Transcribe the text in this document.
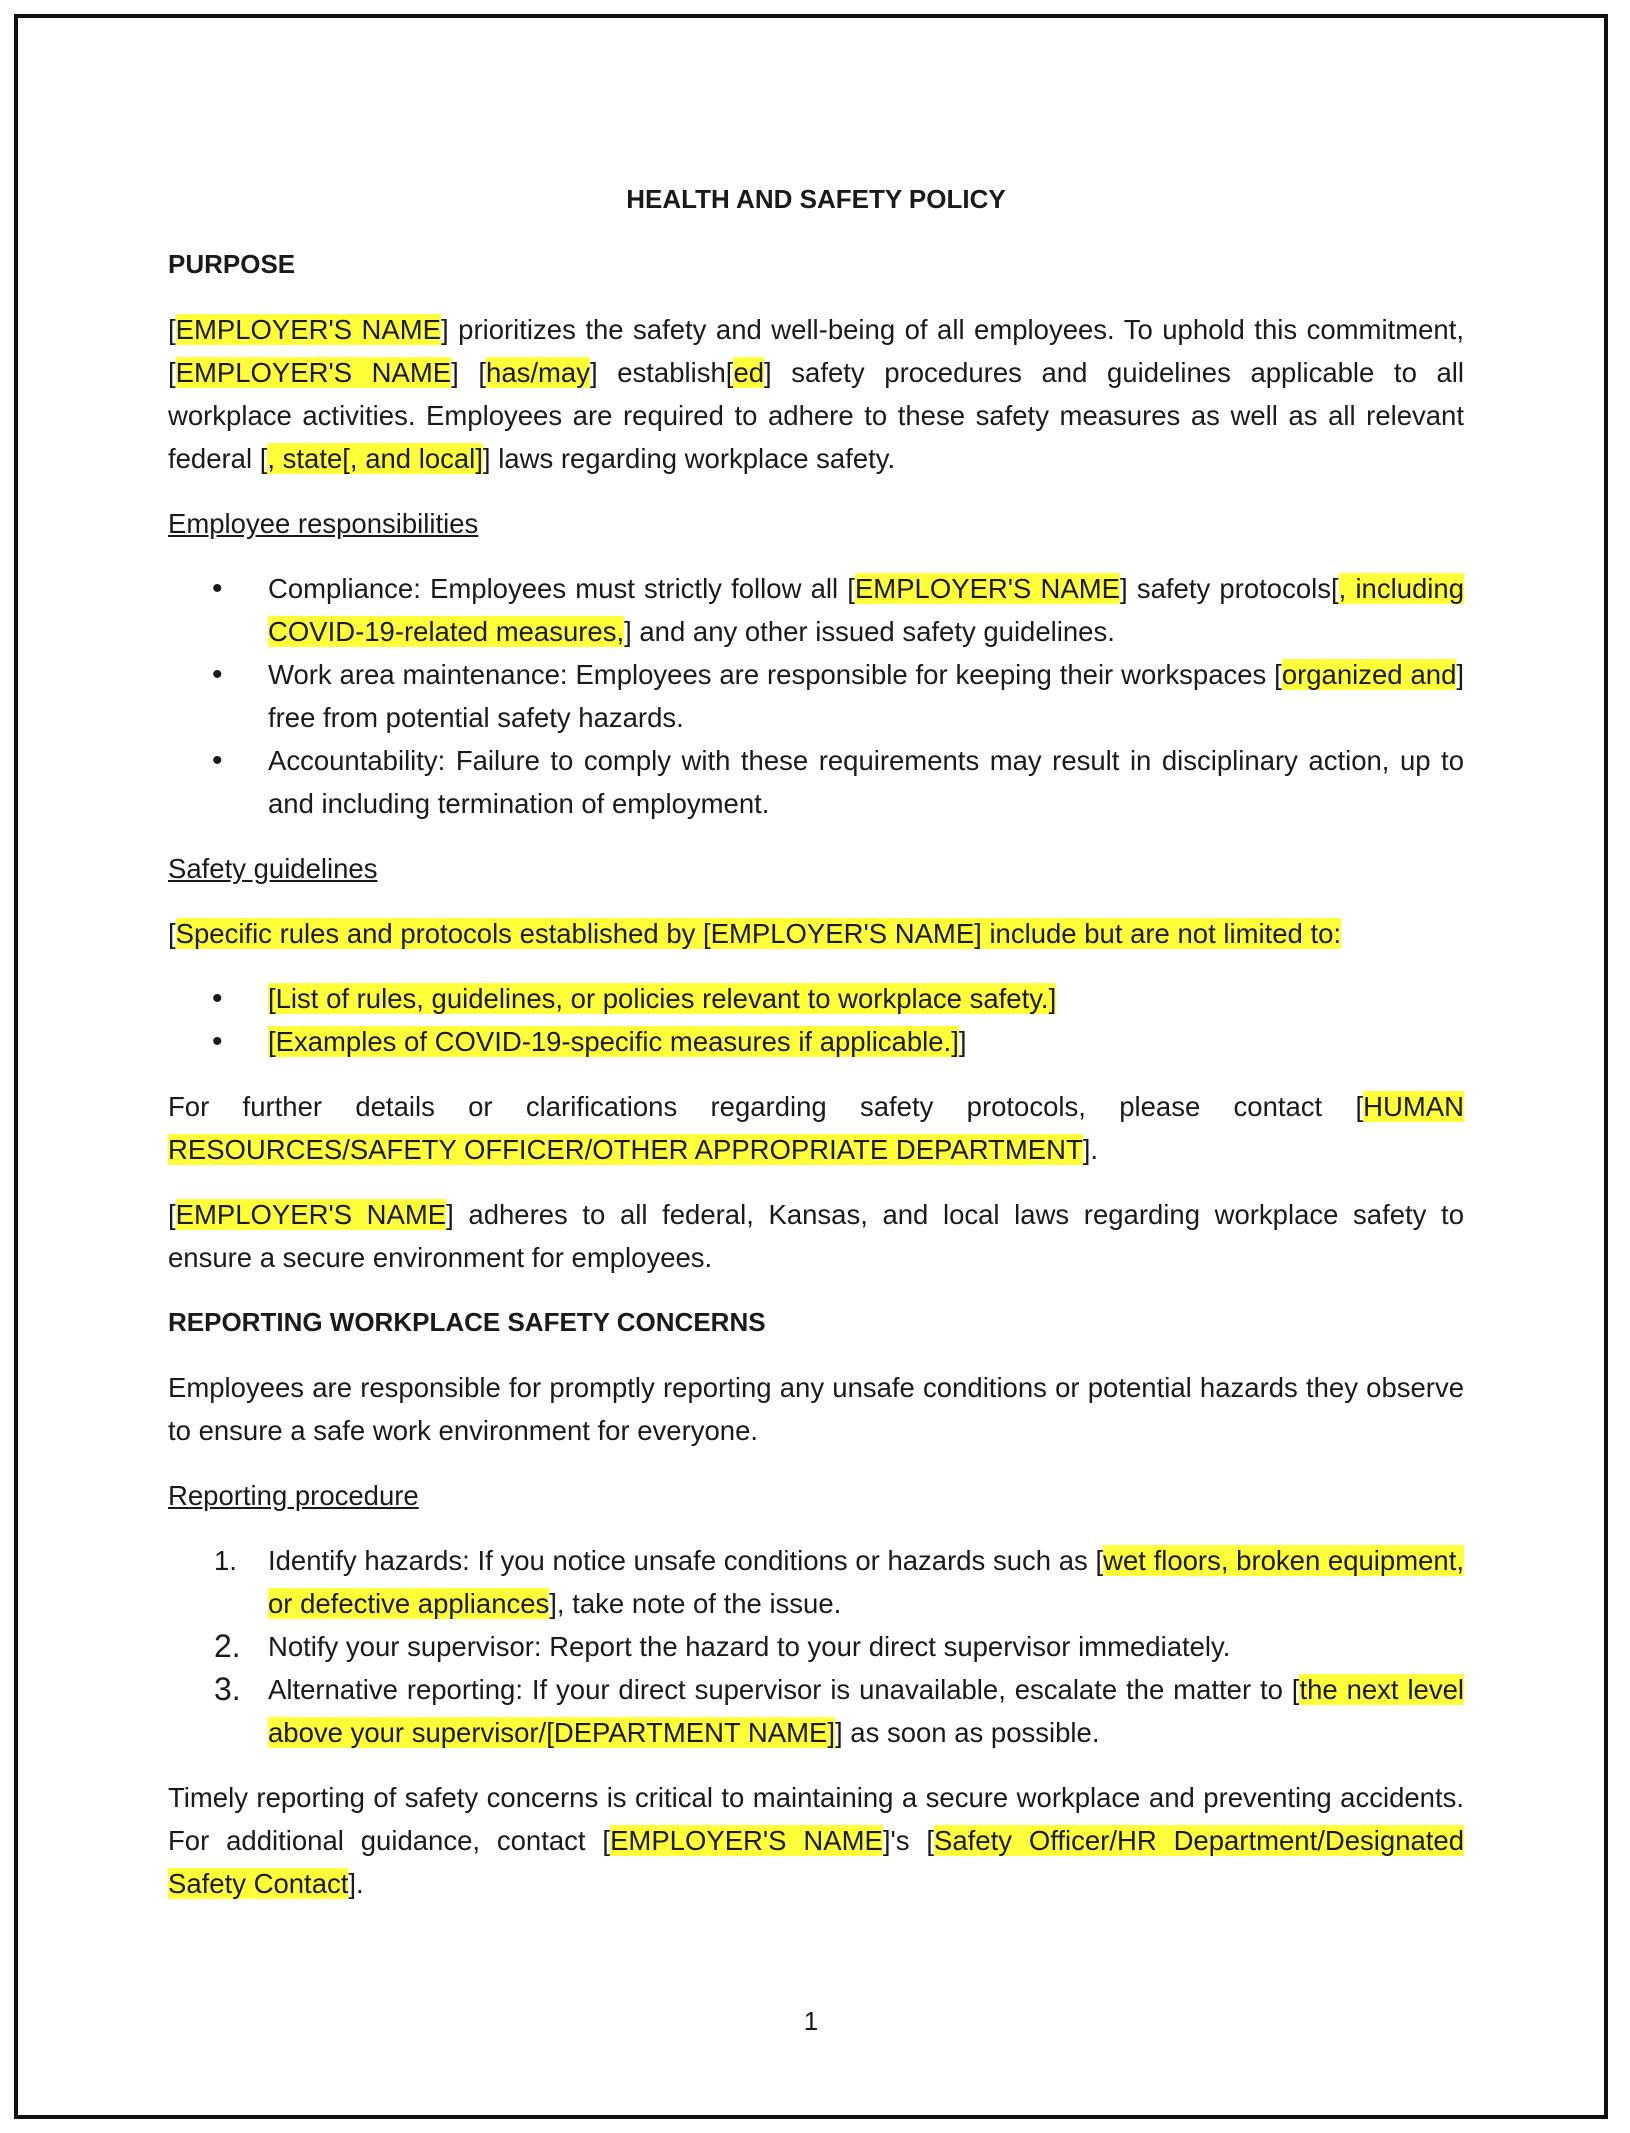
HEALTH AND SAFETY POLICY
PURPOSE

[EMPLOYER'S NAME] prioritizes the safety and well-being of all employees. To uphold this commitment, [EMPLOYER'S NAME] [has/may] establish[ed] safety procedures and guidelines applicable to all workplace activities. Employees are required to adhere to these safety measures as well as all relevant federal [, state[, and local]] laws regarding workplace safety.

Employee responsibilities
• Compliance: Employees must strictly follow all [EMPLOYER'S NAME] safety protocols[, including COVID-19-related measures,] and any other issued safety guidelines.
• Work area maintenance: Employees are responsible for keeping their workspaces [organized and] free from potential safety hazards.
• Accountability: Failure to comply with these requirements may result in disciplinary action, up to and including termination of employment.
Safety guidelines

[Specific rules and protocols established by [EMPLOYER'S NAME] include but are not limited to:

• [List of rules, guidelines, or policies relevant to workplace safety.]
• [Examples of COVID-19-specific measures if applicable.]]

For further details or clarifications regarding safety protocols, please contact [HUMAN RESOURCES/SAFETY OFFICER/OTHER APPROPRIATE DEPARTMENT].

[EMPLOYER'S NAME] adheres to all federal, Kansas, and local laws regarding workplace safety to ensure a secure environment for employees.

REPORTING WORKPLACE SAFETY CONCERNS

Employees are responsible for promptly reporting any unsafe conditions or potential hazards they observe to ensure a safe work environment for everyone.

Reporting procedure
1. Identify hazards: If you notice unsafe conditions or hazards such as [wet floors, broken equipment, or defective appliances], take note of the issue.
2. Notify your supervisor: Report the hazard to your direct supervisor immediately.
3. Alternative reporting: If your direct supervisor is unavailable, escalate the matter to [the next level above your supervisor/[DEPARTMENT NAME]] as soon as possible.

Timely reporting of safety concerns is critical to maintaining a secure workplace and preventing accidents. For additional guidance, contact [EMPLOYER'S NAME]'s [Safety Officer/HR Department/Designated Safety Contact].

1
